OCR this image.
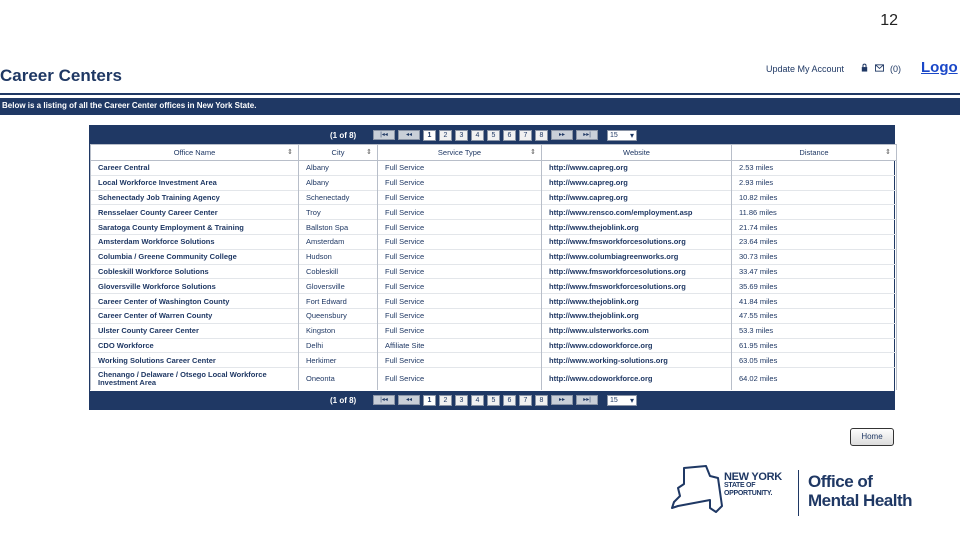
12
Career Centers	Update My Account	(0) Logo
Below is a listing of all the Career Center offices in New York State.
(1 of 8)	|◂◂	◂◂	1	2	3	4	5	6	7	8	▸▸	▸▸|	15 ▾
Office Name ⇕	City ⇕	Service Type ⇕	Website	Distance ⇕

Career Central	Albany	Full Service	http://www.capreg.org	2.53 miles
Local Workforce Investment Area	Albany	Full Service	http://www.capreg.org	2.93 miles
Schenectady Job Training Agency	Schenectady	Full Service	http://www.capreg.org	10.82 miles
Rensselaer County Career Center	Troy	Full Service	http://www.rensco.com/employment.asp	11.86 miles
Saratoga County Employment & Training	Ballston Spa	Full Service	http://www.thejoblink.org	21.74 miles
Amsterdam Workforce Solutions	Amsterdam	Full Service	http://www.fmsworkforcesolutions.org	23.64 miles
Columbia / Greene Community College	Hudson	Full Service	http://www.columbiagreenworks.org	30.73 miles
Cobleskill Workforce Solutions	Cobleskill	Full Service	http://www.fmsworkforcesolutions.org	33.47 miles
Gloversville Workforce Solutions	Gloversville	Full Service	http://www.fmsworkforcesolutions.org	35.69 miles
Career Center of Washington County	Fort Edward	Full Service	http://www.thejoblink.org	41.84 miles
Career Center of Warren County	Queensbury	Full Service	http://www.thejoblink.org	47.55 miles
Ulster County Career Center	Kingston	Full Service	http://www.ulsterworks.com	53.3 miles
CDO Workforce	Delhi	Affiliate Site	http://www.cdoworkforce.org	61.95 miles
Working Solutions Career Center	Herkimer	Full Service	http://www.working-solutions.org	63.05 miles
Chenango / Delaware / Otsego Local Workforce Investment Area	Oneonta	Full Service	http://www.cdoworkforce.org	64.02 miles
(1 of 8)	|◂◂	◂◂	1	2	3	4	5	6	7	8	▸▸	▸▸|	15 ▾
Home
NEW YORK
STATE OF
OPPORTUNITY.
Office of
Mental Health
